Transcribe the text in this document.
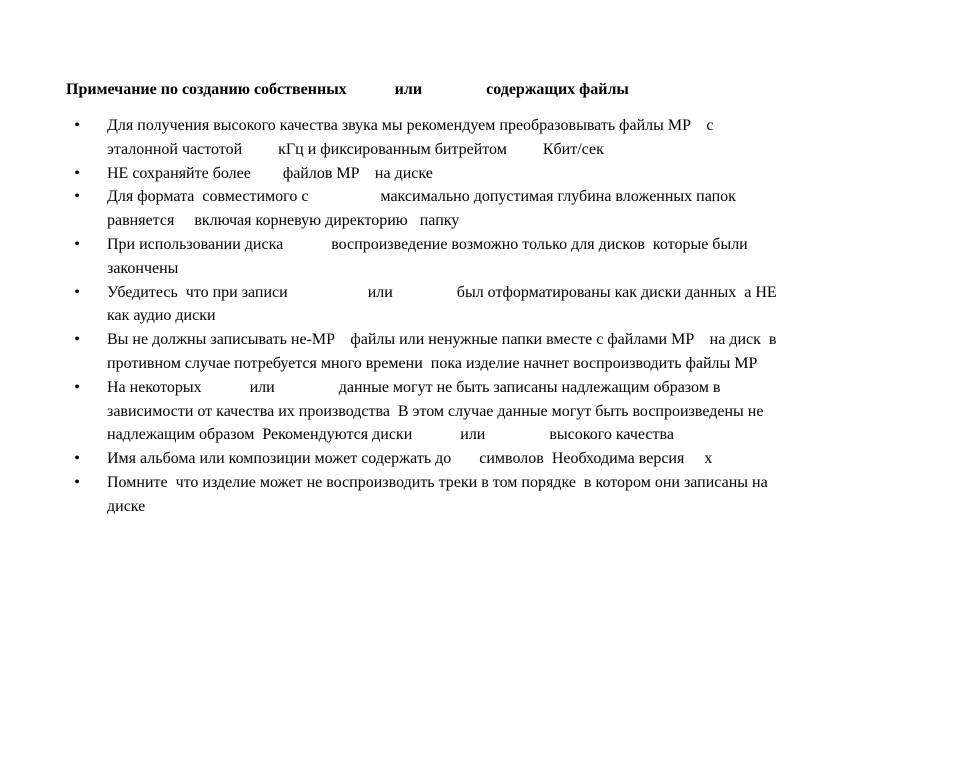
Примечание по созданию собственных            или                содержащих файлы
• Для получения высокого качества звука мы рекомендуем преобразовывать файлы MP    с
эталонной частотой         кГц и фиксированным битрейтом         Кбит/сек
• НЕ сохраняйте более        файлов MP    на диске
• Для формата  совместимого с                  максимально допустимая глубина вложенных папок
равняется     включая корневую директорию   папку
• При использовании диска            воспроизведение возможно только для дисков  которые были
закончены
• Убедитесь  что при записи                    или                был отформатированы как диски данных  а НЕ
как аудио диски
• Вы не должны записывать не-MP    файлы или ненужные папки вместе с файлами MP    на диск  в
противном случае потребуется много времени  пока изделие начнет воспроизводить файлы MP
• На некоторых            или                данные могут не быть записаны надлежащим образом в
зависимости от качества их производства  В этом случае данные могут быть воспроизведены не
надлежащим образом  Рекомендуются диски            или                высокого качества
• Имя альбома или композиции может содержать до       символов  Необходима версия     x
• Помните  что изделие может не воспроизводить треки в том порядке  в котором они записаны на
диске
